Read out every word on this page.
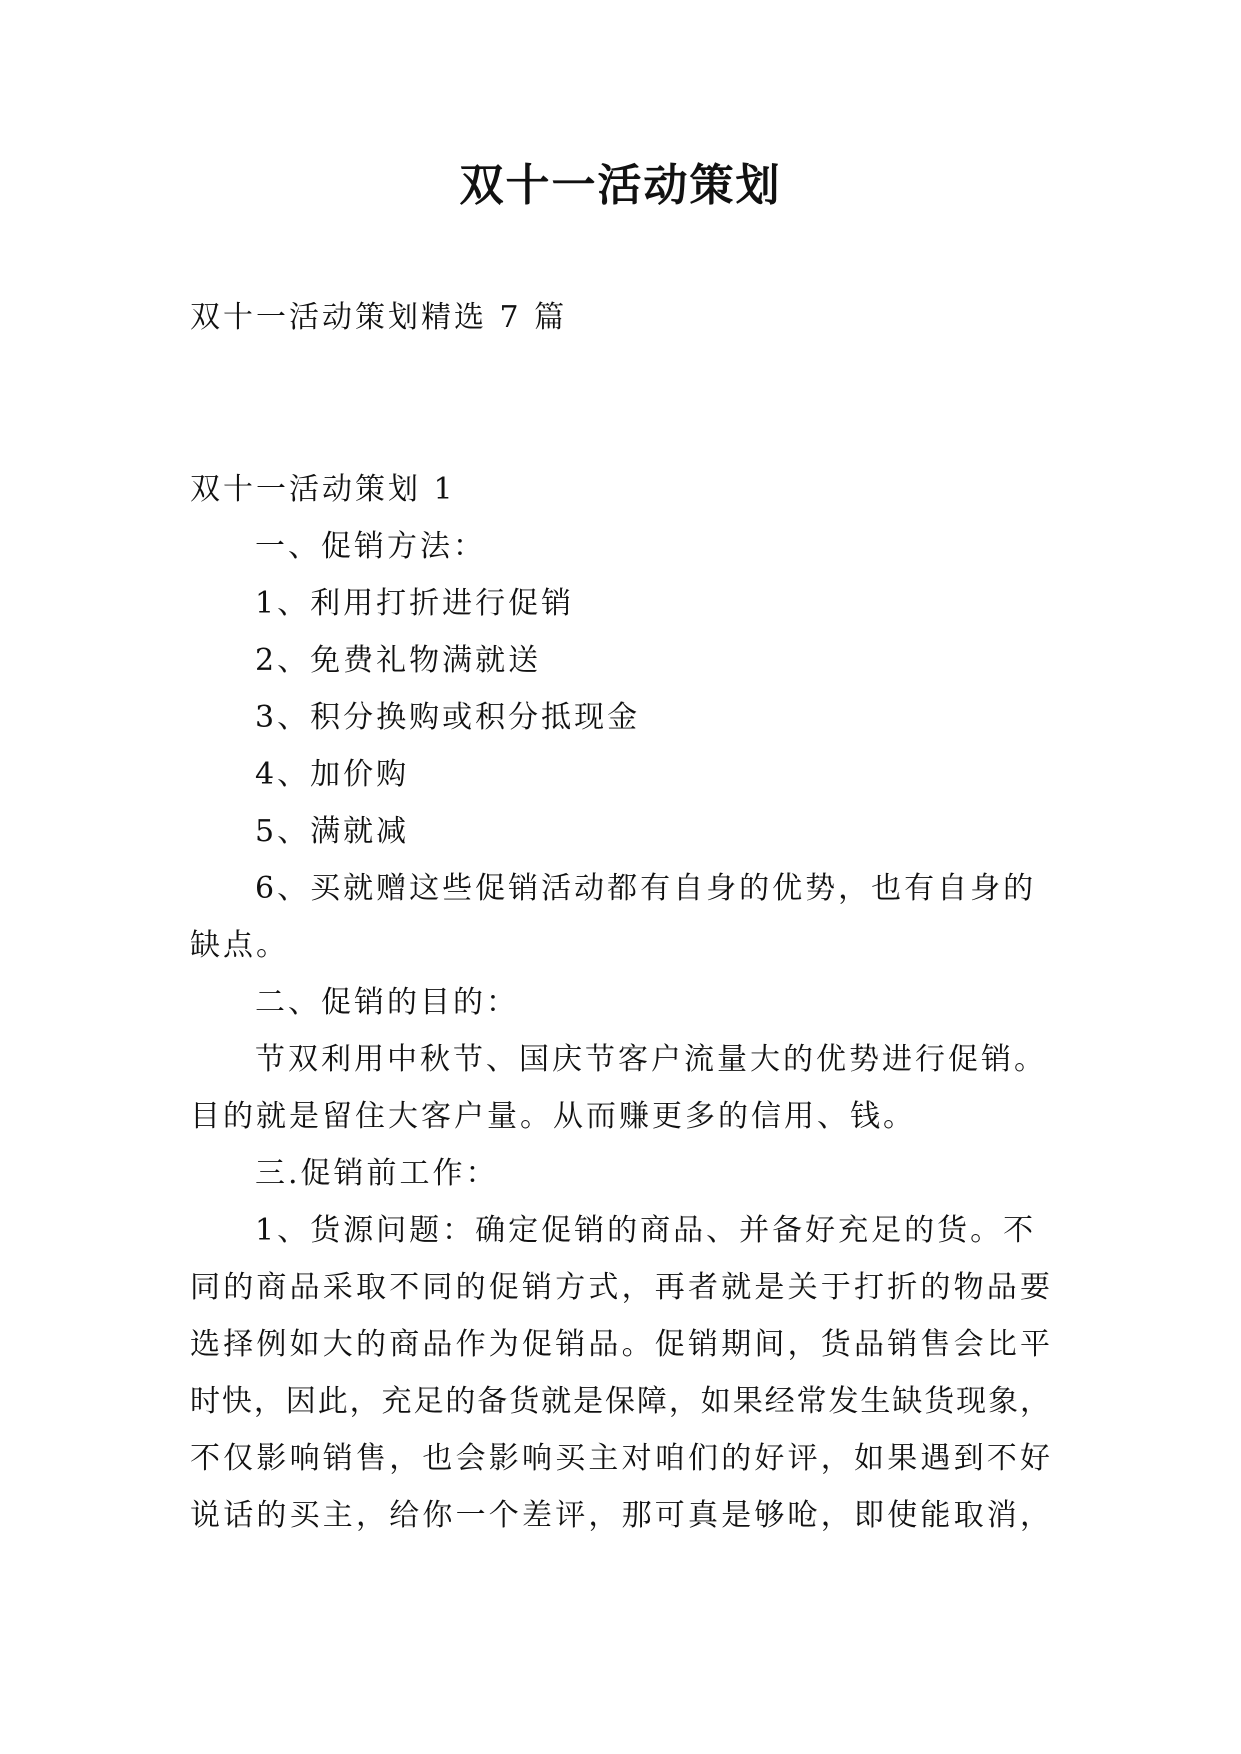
双十一活动策划
双十一活动策划精选 7 篇
双十一活动策划 1
一、促销方法：
1、利用打折进行促销
2、免费礼物满就送
3、积分换购或积分抵现金
4、加价购
5、满就减
6、买就赠这些促销活动都有自身的优势，也有自身的
缺点。
二、促销的目的：
节双利用中秋节、国庆节客户流量大的优势进行促销。
目的就是留住大客户量。从而赚更多的信用、钱。
三.促销前工作：
1、货源问题：确定促销的商品、并备好充足的货。不
同的商品采取不同的促销方式，再者就是关于打折的物品要
选择例如大的商品作为促销品。促销期间，货品销售会比平
时快，因此，充足的备货就是保障，如果经常发生缺货现象，
不仅影响销售，也会影响买主对咱们的好评，如果遇到不好
说话的买主，给你一个差评，那可真是够呛，即使能取消，
